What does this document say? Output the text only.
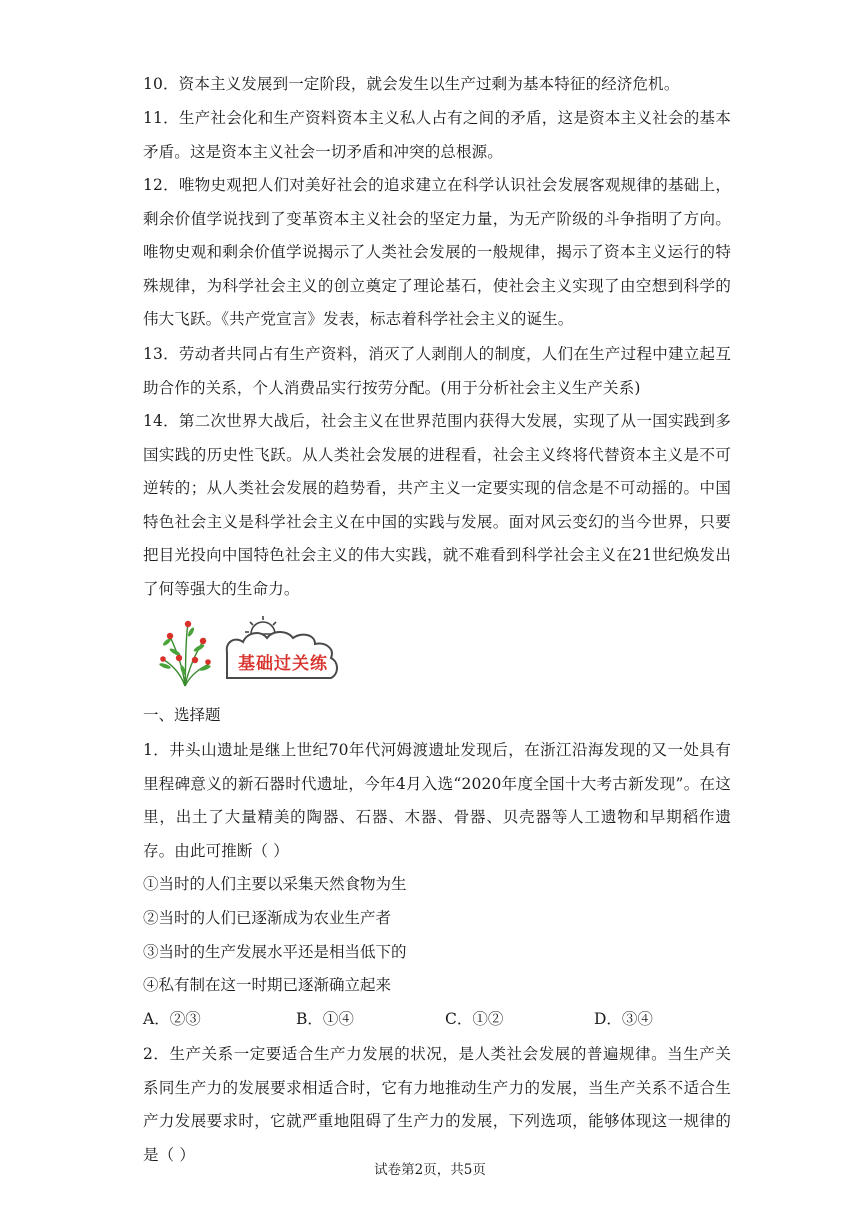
10．资本主义发展到一定阶段，就会发生以生产过剩为基本特征的经济危机。
11．生产社会化和生产资料资本主义私人占有之间的矛盾，这是资本主义社会的基本矛盾。这是资本主义社会一切矛盾和冲突的总根源。
12．唯物史观把人们对美好社会的追求建立在科学认识社会发展客观规律的基础上，剩余价值学说找到了变革资本主义社会的坚定力量，为无产阶级的斗争指明了方向。唯物史观和剩余价值学说揭示了人类社会发展的一般规律，揭示了资本主义运行的特殊规律，为科学社会主义的创立奠定了理论基石，使社会主义实现了由空想到科学的伟大飞跃。《共产党宣言》发表，标志着科学社会主义的诞生。
13．劳动者共同占有生产资料，消灭了人剥削人的制度，人们在生产过程中建立起互助合作的关系，个人消费品实行按劳分配。(用于分析社会主义生产关系)
14．第二次世界大战后，社会主义在世界范围内获得大发展，实现了从一国实践到多国实践的历史性飞跃。从人类社会发展的进程看，社会主义终将代替资本主义是不可逆转的；从人类社会发展的趋势看，共产主义一定要实现的信念是不可动摇的。中国特色社会主义是科学社会主义在中国的实践与发展。面对风云变幻的当今世界，只要把目光投向中国特色社会主义的伟大实践，就不难看到科学社会主义在21世纪焕发出了何等强大的生命力。
基础过关练
一、选择题
1．井头山遗址是继上世纪70年代河姆渡遗址发现后，在浙江沿海发现的又一处具有里程碑意义的新石器时代遗址，今年4月入选“2020年度全国十大考古新发现”。在这里，出土了大量精美的陶器、石器、木器、骨器、贝壳器等人工遗物和早期稻作遗存。由此可推断（ ）
①当时的人们主要以采集天然食物为生
②当时的人们已逐渐成为农业生产者
③当时的生产发展水平还是相当低下的
④私有制在这一时期已逐渐确立起来
A．②③	B．①④	C．①②	D．③④
2．生产关系一定要适合生产力发展的状况，是人类社会发展的普遍规律。当生产关系同生产力的发展要求相适合时，它有力地推动生产力的发展，当生产关系不适合生产力发展要求时，它就严重地阻碍了生产力的发展，下列选项，能够体现这一规律的是（ ）
试卷第2页，共5页
